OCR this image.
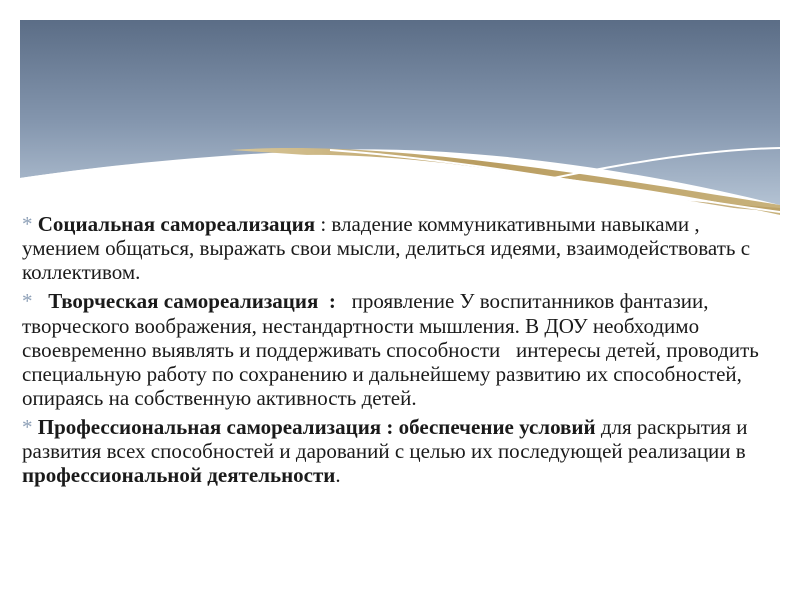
* Социальная самореализация : владение коммуникативными навыками , умением общаться, выражать свои мысли, делиться идеями, взаимодействовать с коллективом.

*   Творческая самореализация  :   проявление У воспитанников фантазии, творческого воображения, нестандартности мышления. В ДОУ необходимо своевременно выявлять и поддерживать способности   интересы детей, проводить специальную работу по сохранению и дальнейшему развитию их способностей, опираясь на собственную активность детей.

* Профессиональная самореализация : обеспечение условий для раскрытия и развития всех способностей и дарований с целью их последующей реализации в профессиональной деятельности.
